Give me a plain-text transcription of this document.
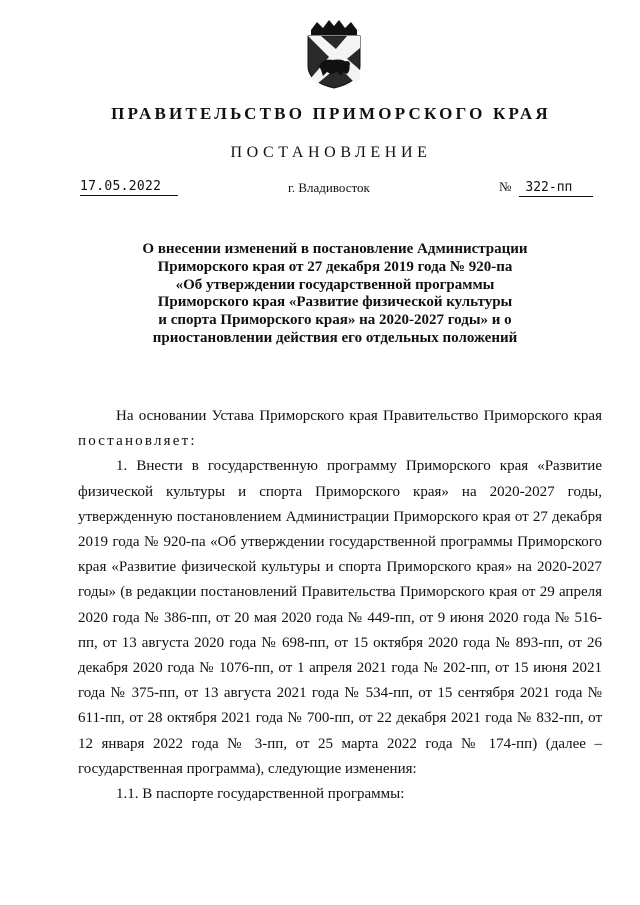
ПРАВИТЕЛЬСТВО ПРИМОРСКОГО КРАЯ
ПОСТАНОВЛЕНИЕ
17.05.2022	г. Владивосток	№ 322-пп
О внесении изменений в постановление Администрации
Приморского края от 27 декабря 2019 года № 920-па
«Об утверждении государственной программы
Приморского края «Развитие физической культуры
и спорта Приморского края» на 2020-2027 годы» и о
приостановлении действия его отдельных положений

На основании Устава Приморского края Правительство Приморского края постановляет:

1. Внести в государственную программу Приморского края «Развитие физической культуры и спорта Приморского края» на 2020-2027 годы, утвержденную постановлением Администрации Приморского края от 27 декабря 2019 года № 920-па «Об утверждении государственной программы Приморского края «Развитие физической культуры и спорта Приморского края» на 2020-2027 годы» (в редакции постановлений Правительства Приморского края от 29 апреля 2020 года № 386-пп, от 20 мая 2020 года № 449-пп, от 9 июня 2020 года № 516-пп, от 13 августа 2020 года № 698-пп, от 15 октября 2020 года № 893-пп, от 26 декабря 2020 года № 1076-пп, от 1 апреля 2021 года № 202-пп, от 15 июня 2021 года № 375-пп, от 13 августа 2021 года № 534-пп, от 15 сентября 2021 года № 611-пп, от 28 октября 2021 года № 700-пп, от 22 декабря 2021 года № 832-пп, от 12 января 2022 года № 3-пп, от 25 марта 2022 года № 174-пп) (далее – государственная программа), следующие изменения:

1.1. В паспорте государственной программы:
